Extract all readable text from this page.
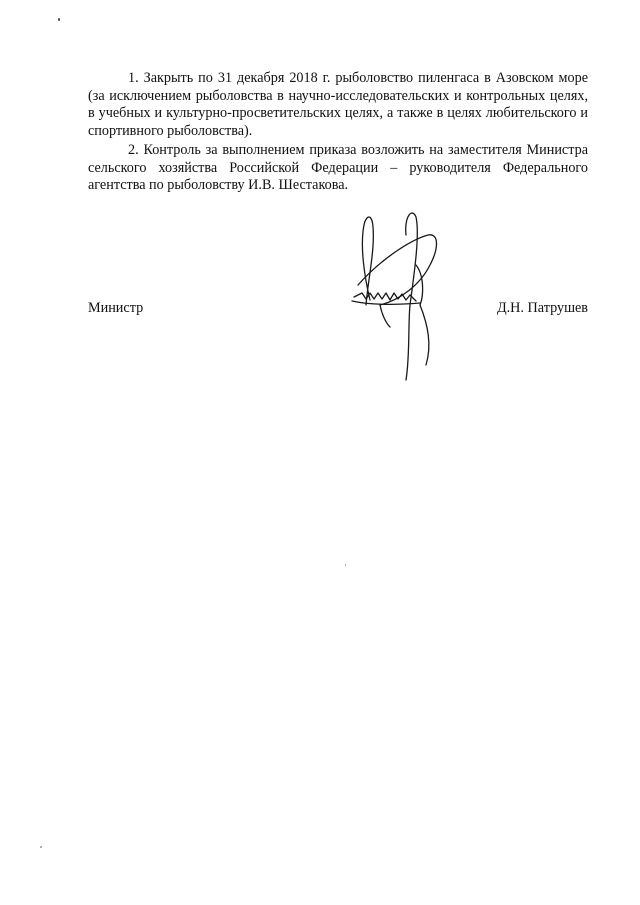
1. Закрыть по 31 декабря 2018 г. рыболовство пиленгаса в Азовском море (за исключением рыболовства в научно-исследовательских и контрольных целях, в учебных и культурно-просветительских целях, а также в целях любительского и спортивного рыболовства).

2. Контроль за выполнением приказа возложить на заместителя Министра сельского хозяйства Российской Федерации – руководителя Федерального агентства по рыболовству И.В. Шестакова.

Министр	Д.Н. Патрушев
